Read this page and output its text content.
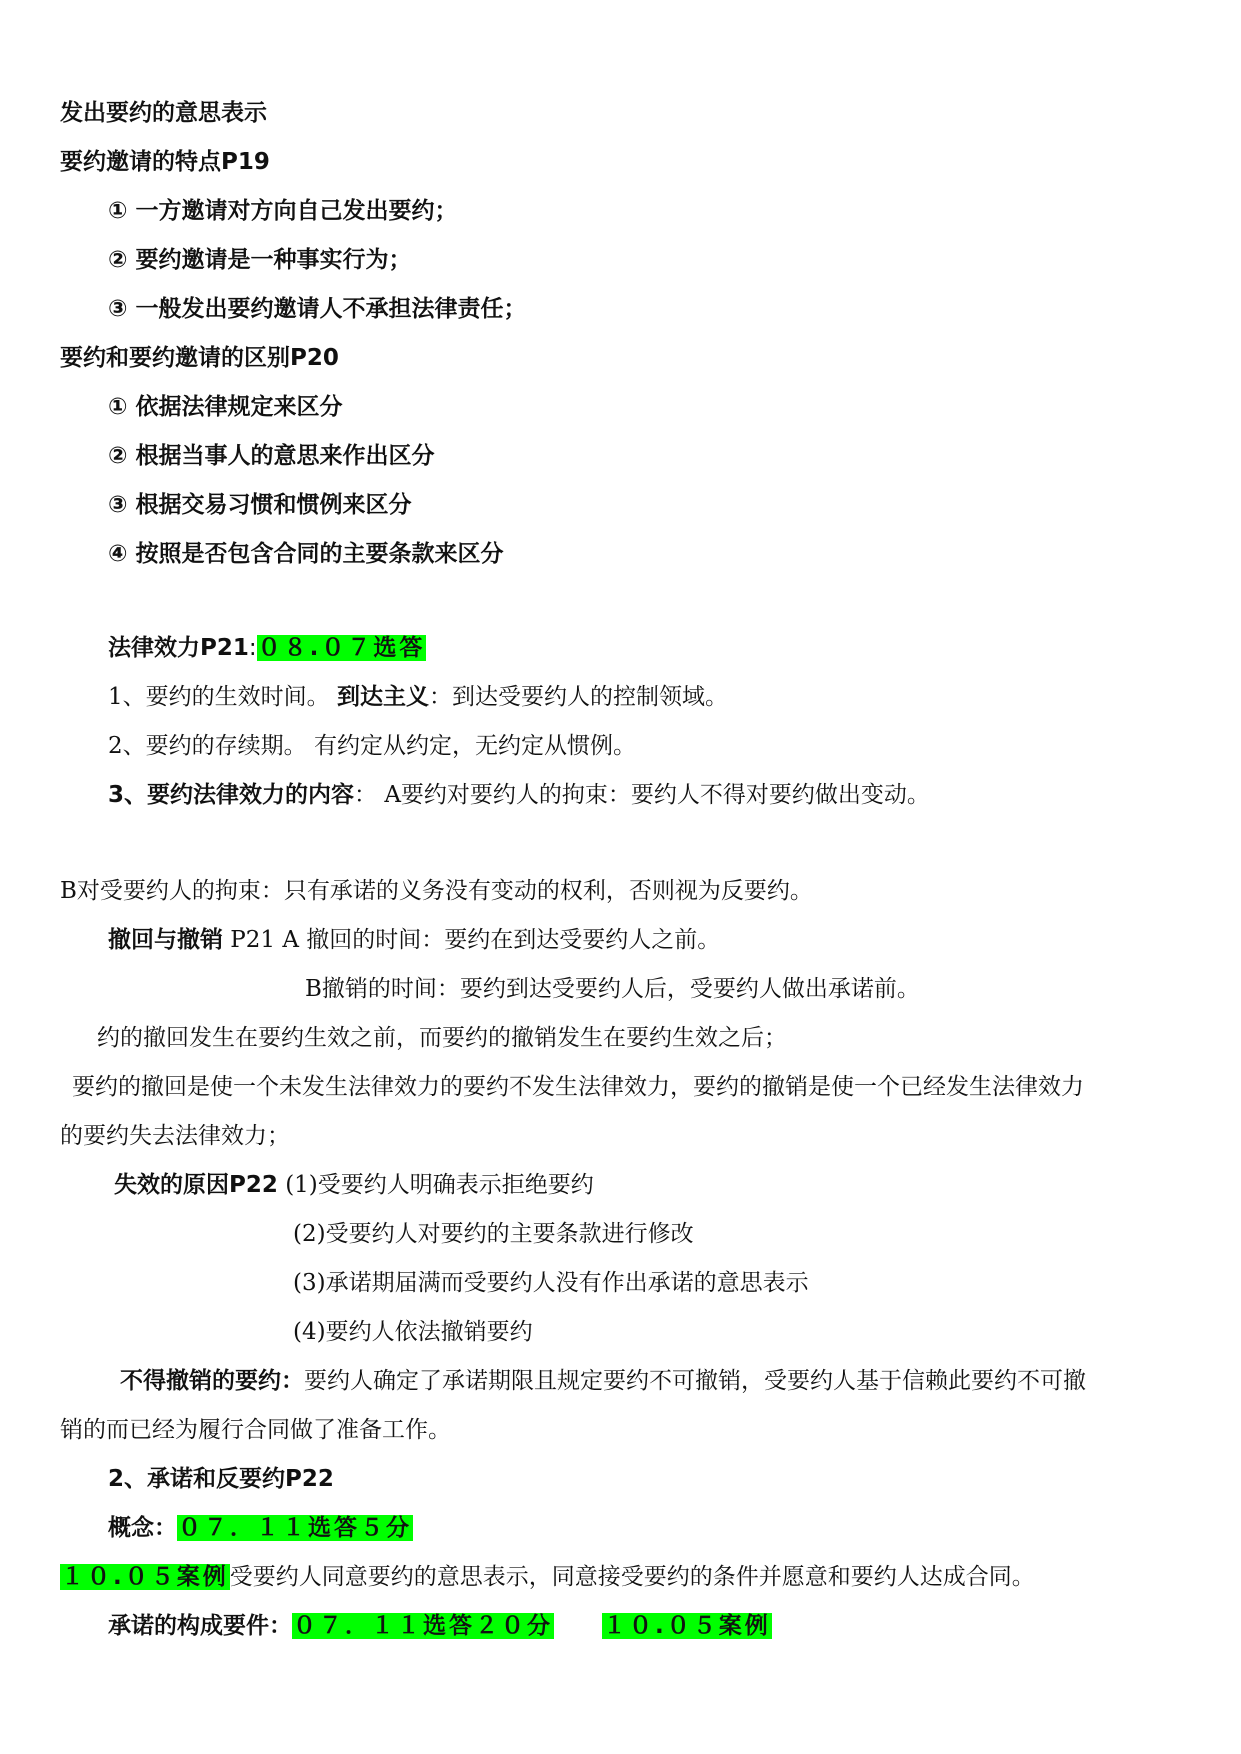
发出要约的意思表示
要约邀请的特点P19
① 一方邀请对方向自己发出要约；
② 要约邀请是一种事实行为；
③ 一般发出要约邀请人不承担法律责任；
要约和要约邀请的区别P20
① 依据法律规定来区分
② 根据当事人的意思来作出区分
③ 根据交易习惯和惯例来区分
④ 按照是否包含合同的主要条款来区分
法律效力P21:０８.０７选答
1、要约的生效时间。 到达主义：到达受要约人的控制领域。
2、要约的存续期。 有约定从约定，无约定从惯例。
3、要约法律效力的内容： A要约对要约人的拘束：要约人不得对要约做出变动。
B对受要约人的拘束：只有承诺的义务没有变动的权利，否则视为反要约。
撤回与撤销 P21 A 撤回的时间：要约在到达受要约人之前。
B撤销的时间：要约到达受要约人后，受要约人做出承诺前。
约的撤回发生在要约生效之前，而要约的撤销发生在要约生效之后；
要约的撤回是使一个未发生法律效力的要约不发生法律效力，要约的撤销是使一个已经发生法律效力
的要约失去法律效力；
失效的原因P22 (1)受要约人明确表示拒绝要约
(2)受要约人对要约的主要条款进行修改
(3)承诺期届满而受要约人没有作出承诺的意思表示
(4)要约人依法撤销要约
不得撤销的要约：要约人确定了承诺期限且规定要约不可撤销，受要约人基于信赖此要约不可撤
销的而已经为履行合同做了准备工作。
2、承诺和反要约P22
概念：０７．１１选答５分
１０.０５案例受要约人同意要约的意思表示，同意接受要约的条件并愿意和要约人达成合同。
承诺的构成要件：０７．１１选答２０分 １０.０５案例
